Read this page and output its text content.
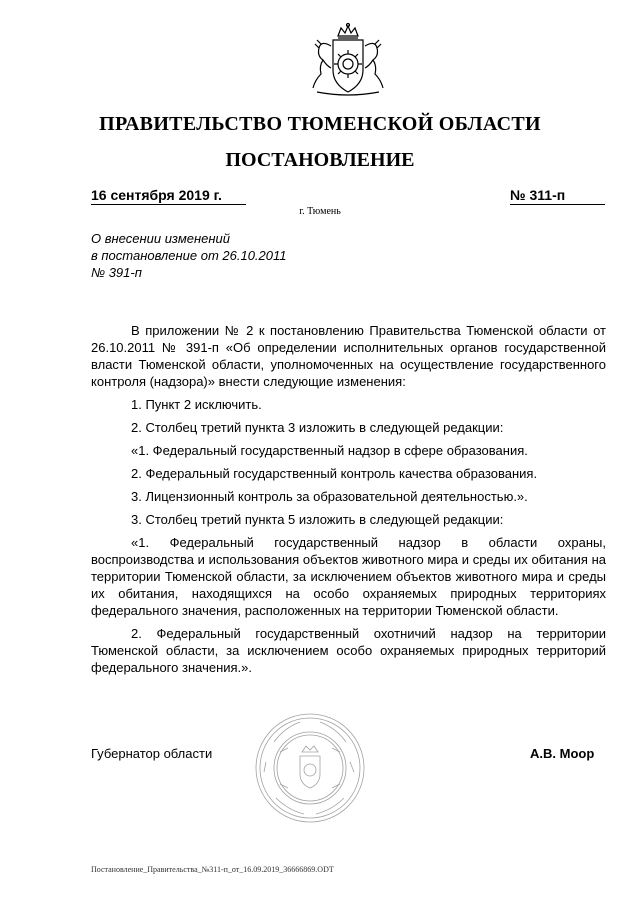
ПРАВИТЕЛЬСТВО ТЮМЕНСКОЙ ОБЛАСТИ
ПОСТАНОВЛЕНИЕ
16 сентября 2019 г.	№ 311-п
г. Тюмень
О внесении изменений
в постановление от 26.10.2011
№ 391-п

В приложении № 2 к постановлению Правительства Тюменской области от 26.10.2011 № 391-п «Об определении исполнительных органов государственной власти Тюменской области, уполномоченных на осуществление государственного контроля (надзора)» внести следующие изменения:

1. Пункт 2 исключить.

2. Столбец третий пункта 3 изложить в следующей редакции:

«1. Федеральный государственный надзор в сфере образования.

2. Федеральный государственный контроль качества образования.

3. Лицензионный контроль за образовательной деятельностью.».

3. Столбец третий пункта 5 изложить в следующей редакции:

«1. Федеральный государственный надзор в области охраны, воспроизводства и использования объектов животного мира и среды их обитания на территории Тюменской области, за исключением объектов животного мира и среды их обитания, находящихся на особо охраняемых природных территориях федерального значения, расположенных на территории Тюменской области.

2. Федеральный государственный охотничий надзор на территории Тюменской области, за исключением особо охраняемых природных территорий федерального значения.».

Губернатор области	А.В. Моор
Постановление_Правительства_№311-п_от_16.09.2019_36666869.ODT
